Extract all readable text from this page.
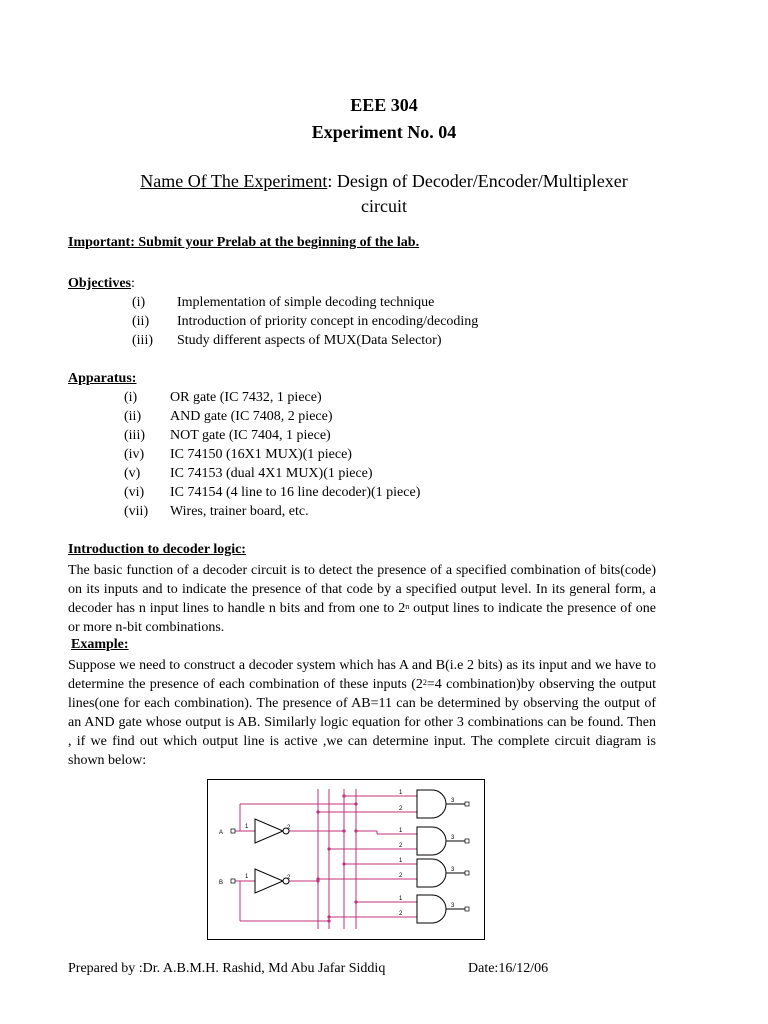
EEE 304
Experiment No. 04
Name Of The Experiment: Design of Decoder/Encoder/Multiplexer
circuit
Important: Submit your Prelab at the beginning of the lab.
Objectives:
(i) Implementation of simple decoding technique
(ii) Introduction of priority concept in encoding/decoding
(iii) Study different aspects of MUX(Data Selector)
Apparatus:
(i) OR gate (IC 7432, 1 piece)
(ii) AND gate (IC 7408, 2 piece)
(iii) NOT gate (IC 7404, 1 piece)
(iv) IC 74150 (16X1 MUX)(1 piece)
(v) IC 74153 (dual 4X1 MUX)(1 piece)
(vi) IC 74154 (4 line to 16 line decoder)(1 piece)
(vii) Wires, trainer board, etc.
Introduction to decoder logic:
The basic function of a decoder circuit is to detect the presence of a specified combination of bits(code) on its inputs and to indicate the presence of that code by a specified output level. In its general form, a decoder has n input lines to handle n bits and from one to 2$^n$ output lines to indicate the presence of one or more n-bit combinations.
Example:
Suppose we need to construct a decoder system which has A and B(i.e 2 bits) as its input and we have to determine the presence of each combination of these inputs ($2^2=4$ combination)by observing the output lines(one for each combination). The presence of AB=11 can be determined by observing the output of an AND gate whose output is AB. Similarly logic equation for other 3 combinations can be found. Then , if we find out which output line is active ,we can determine input. The complete circuit diagram is shown below:
A
B
1
1
2
2
1
2
1
2
1
2
1
2
3
3
3
3
Prepared by :Dr. A.B.M.H. Rashid, Md Abu Jafar Siddiq	Date:16/12/06
